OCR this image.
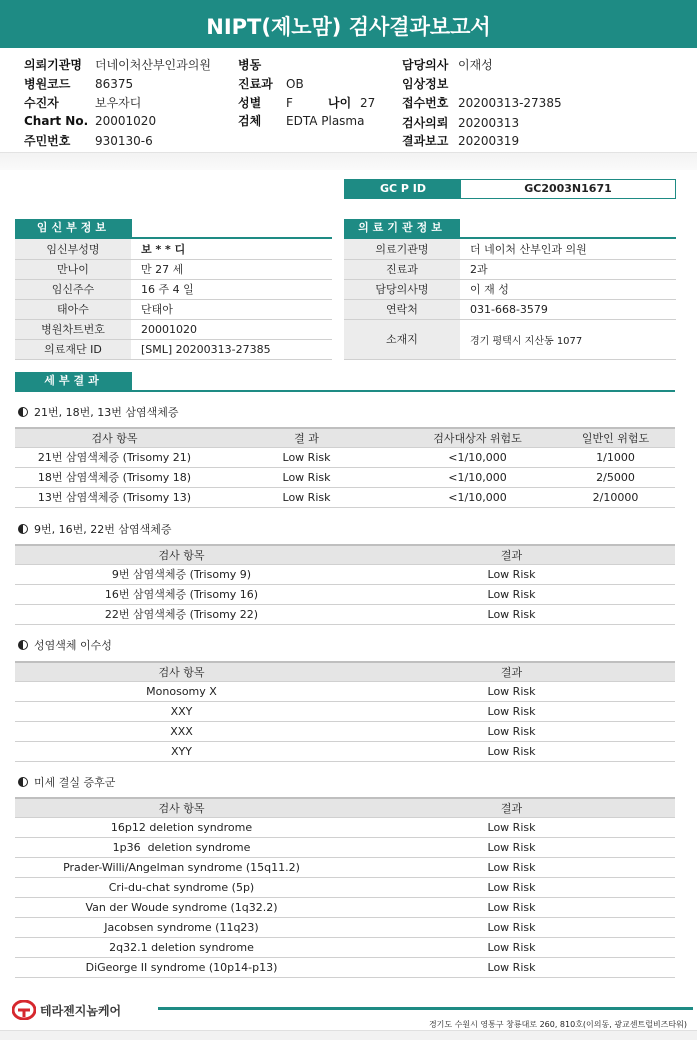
NIPT(제노맘) 검사결과보고서
의뢰기관명 더네이처산부인과의원
병원코드 86375
수진자	보우자디
Chart No. 20001020
주민번호 930130-6
병동
진료과 OB
성별 F	나이 27
검체 EDTA Plasma
담당의사 이재성
임상정보
접수번호 20200313-27385
검사의뢰 20200313
결과보고 20200319
GC P ID	GC2003N1671
임신부정보
임신부성명	보 * * 디
만나이	만 27 세
임신주수	16 주 4 일
태아수	단태아
병원차트번호	20001020
의료재단 ID	[SML] 20200313-27385
의료기관정보
의료기관명	더 네이처 산부인과 의원
진료과	2과
담당의사명	이 재 성
연락처	031-668-3579
소재지	경기 평택시 지산동 1077
세부결과
21번, 18번, 13번 삼염색체증
검사 항목	결 과	검사대상자 위험도	일반인 위험도
21번 삼염색체증 (Trisomy 21)	Low Risk	<1/10,000	1/1000
18번 삼염색체증 (Trisomy 18)	Low Risk	<1/10,000	2/5000
13번 삼염색체증 (Trisomy 13)	Low Risk	<1/10,000	2/10000
9번, 16번, 22번 삼염색체증
검사 항목	결과
9번 삼염색체증 (Trisomy 9)	Low Risk
16번 삼염색체증 (Trisomy 16)	Low Risk
22번 삼염색체증 (Trisomy 22)	Low Risk
성염색체 이수성
검사 항목	결과
Monosomy X	Low Risk
XXY	Low Risk
XXX	Low Risk
XYY	Low Risk
미세 결실 증후군
검사 항목	결과
16p12 deletion syndrome	Low Risk
1p36  deletion syndrome	Low Risk
Prader-Willi/Angelman syndrome (15q11.2)	Low Risk
Cri-du-chat syndrome (5p)	Low Risk
Van der Woude syndrome (1q32.2)	Low Risk
Jacobsen syndrome (11q23)	Low Risk
2q32.1 deletion syndrome	Low Risk
DiGeorge II syndrome (10p14-p13)	Low Risk
테라젠지놈케어
경기도 수원시 영통구 창룡대로 260, 810호(이의동, 광교센트럴비즈타워)
